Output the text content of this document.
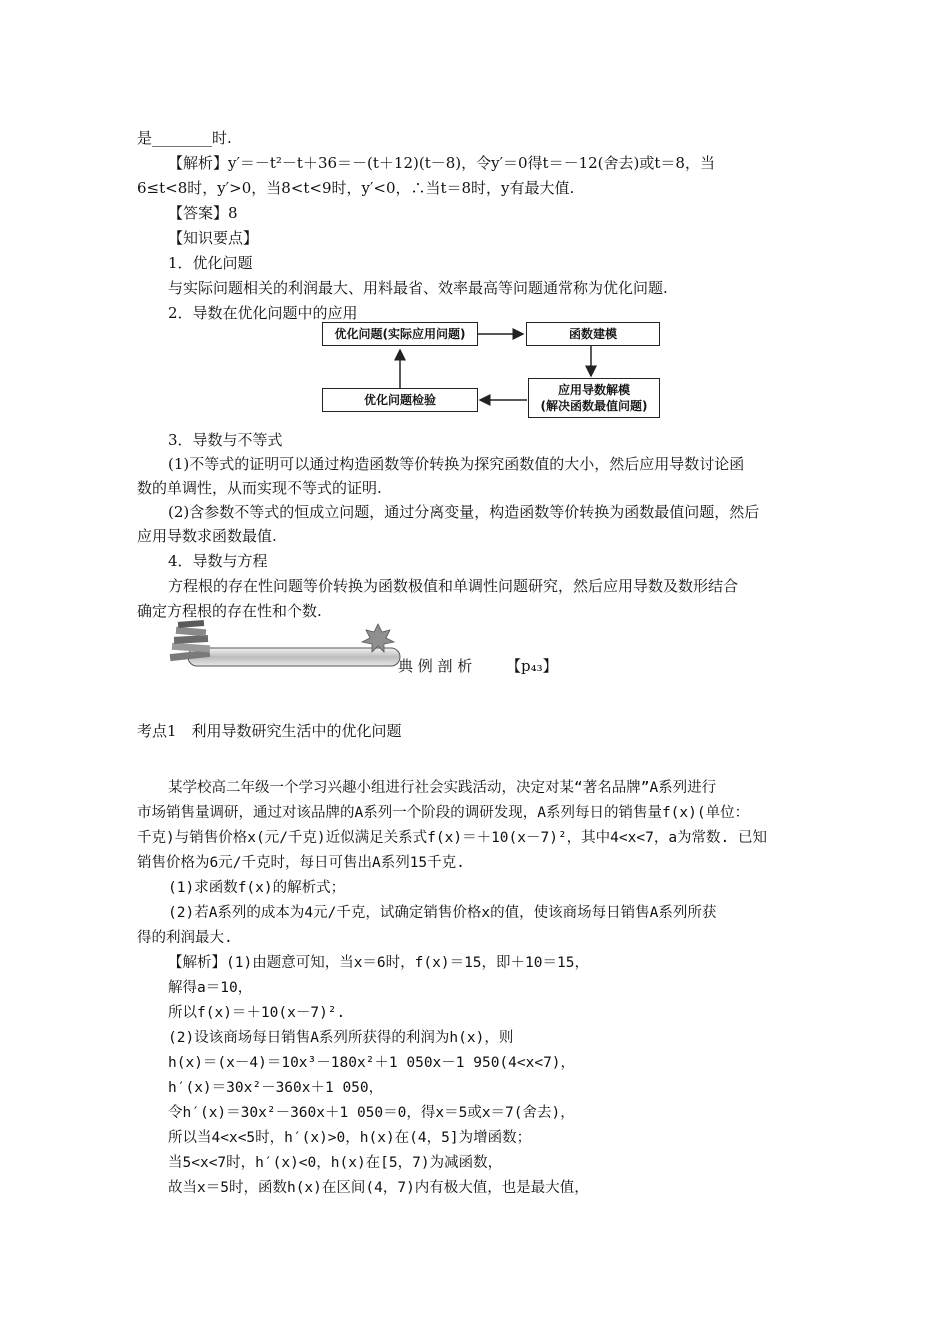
是________时.
【解析】y′＝－t²－t＋36＝－(t＋12)(t－8)，令y′＝0得t＝－12(舍去)或t＝8，当
6≤t<8时，y′>0，当8<t<9时，y′<0，∴当t＝8时，y有最大值.
【答案】8
【知识要点】
1．优化问题
与实际问题相关的利润最大、用料最省、效率最高等问题通常称为优化问题.
2．导数在优化问题中的应用
优化问题(实际应用问题)	函数建模
应用导数解模
(解决函数最值问题)
优化问题检验
3．导数与不等式
(1)不等式的证明可以通过构造函数等价转换为探究函数值的大小，然后应用导数讨论函
数的单调性，从而实现不等式的证明.
(2)含参数不等式的恒成立问题，通过分离变量，构造函数等价转换为函数最值问题，然后
应用导数求函数最值.
4．导数与方程
方程根的存在性问题等价转换为函数极值和单调性问题研究，然后应用导数及数形结合
确定方程根的存在性和个数.
典 例 剖 析 【p₄₃】
考点1　利用导数研究生活中的优化问题
某学校高二年级一个学习兴趣小组进行社会实践活动，决定对某“著名品牌”A系列进行
市场销售量调研，通过对该品牌的A系列一个阶段的调研发现，A系列每日的销售量f(x)(单位：
千克)与销售价格x(元/千克)近似满足关系式f(x)＝＋10(x－7)²，其中4<x<7，a为常数. 已知
销售价格为6元/千克时，每日可售出A系列15千克.
(1)求函数f(x)的解析式；
(2)若A系列的成本为4元/千克，试确定销售价格x的值，使该商场每日销售A系列所获
得的利润最大.
【解析】(1)由题意可知，当x＝6时，f(x)＝15，即＋10＝15，
解得a＝10，
所以f(x)＝＋10(x－7)².
(2)设该商场每日销售A系列所获得的利润为h(x)，则
h(x)＝(x－4)＝10x³－180x²＋1 050x－1 950(4<x<7)，
h′(x)＝30x²－360x＋1 050，
令h′(x)＝30x²－360x＋1 050＝0，得x＝5或x＝7(舍去)，
所以当4<x<5时，h′(x)>0，h(x)在(4，5]为增函数；
当5<x<7时，h′(x)<0，h(x)在[5，7)为减函数，
故当x＝5时，函数h(x)在区间(4，7)内有极大值，也是最大值，
